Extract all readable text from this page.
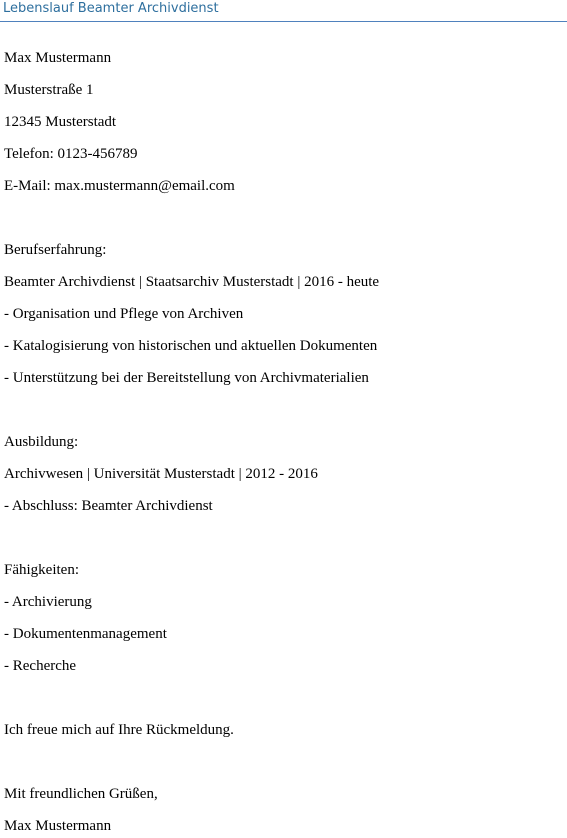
Lebenslauf Beamter Archivdienst
Max Mustermann
Musterstraße 1
12345 Musterstadt
Telefon: 0123-456789
E-Mail: max.mustermann@email.com
Berufserfahrung:
Beamter Archivdienst | Staatsarchiv Musterstadt | 2016 - heute
- Organisation und Pflege von Archiven
- Katalogisierung von historischen und aktuellen Dokumenten
- Unterstützung bei der Bereitstellung von Archivmaterialien
Ausbildung:
Archivwesen | Universität Musterstadt | 2012 - 2016
- Abschluss: Beamter Archivdienst
Fähigkeiten:
- Archivierung
- Dokumentenmanagement
- Recherche
Ich freue mich auf Ihre Rückmeldung.
Mit freundlichen Grüßen,
Max Mustermann
